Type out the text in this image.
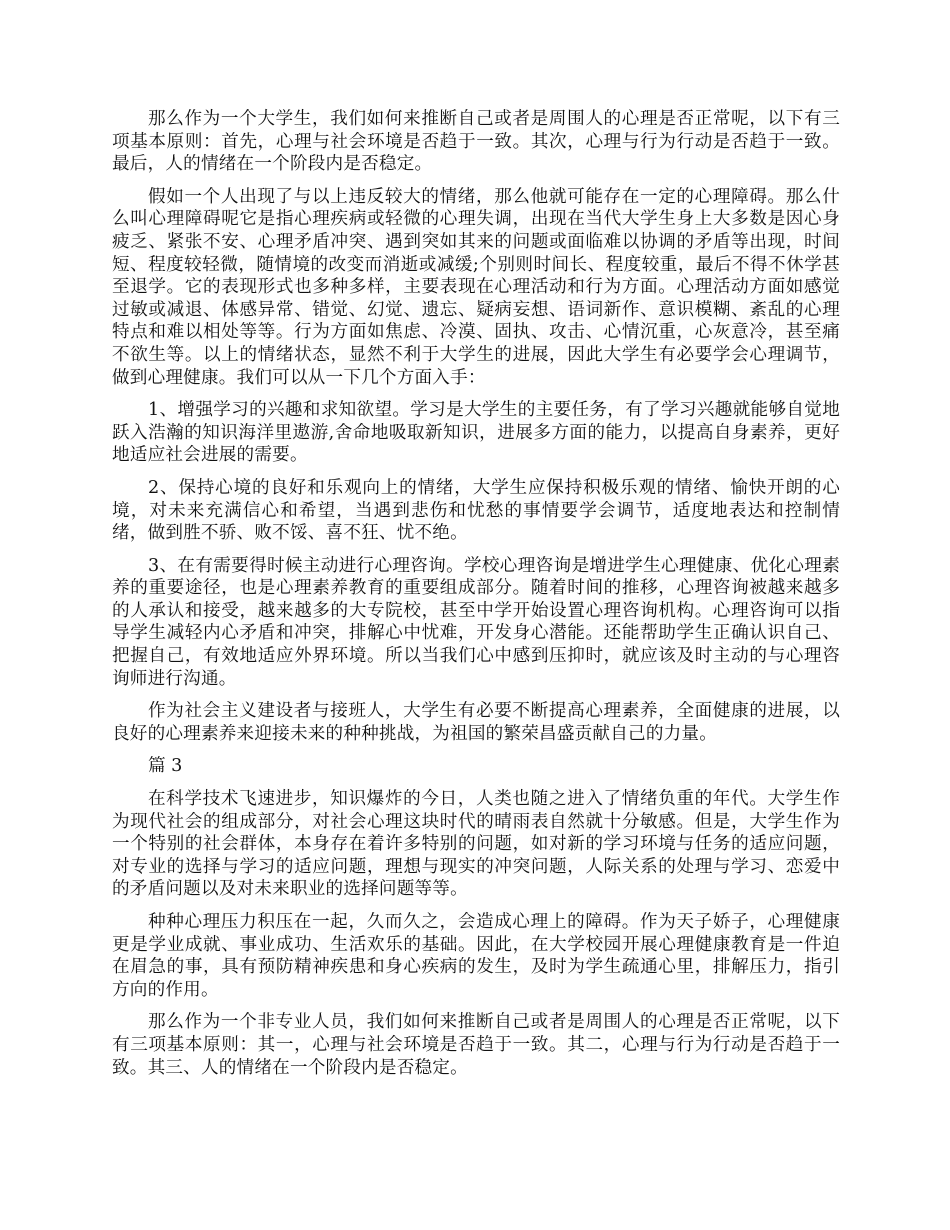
那么作为一个大学生，我们如何来推断自己或者是周围人的心理是否正常呢，以下有三项基本原则：首先，心理与社会环境是否趋于一致。其次，心理与行为行动是否趋于一致。最后，人的情绪在一个阶段内是否稳定。

假如一个人出现了与以上违反较大的情绪，那么他就可能存在一定的心理障碍。那么什么叫心理障碍呢它是指心理疾病或轻微的心理失调，出现在当代大学生身上大多数是因心身疲乏、紧张不安、心理矛盾冲突、遇到突如其来的问题或面临难以协调的矛盾等出现，时间短、程度较轻微，随情境的改变而消逝或减缓;个别则时间长、程度较重，最后不得不休学甚至退学。它的表现形式也多种多样，主要表现在心理活动和行为方面。心理活动方面如感觉过敏或减退、体感异常、错觉、幻觉、遗忘、疑病妄想、语词新作、意识模糊、紊乱的心理特点和难以相处等等。行为方面如焦虑、冷漠、固执、攻击、心情沉重，心灰意冷，甚至痛不欲生等。以上的情绪状态，显然不利于大学生的进展，因此大学生有必要学会心理调节，做到心理健康。我们可以从一下几个方面入手：

1、增强学习的兴趣和求知欲望。学习是大学生的主要任务，有了学习兴趣就能够自觉地跃入浩瀚的知识海洋里遨游,舍命地吸取新知识，进展多方面的能力，以提高自身素养，更好地适应社会进展的需要。

2、保持心境的良好和乐观向上的情绪，大学生应保持积极乐观的情绪、愉快开朗的心境，对未来充满信心和希望，当遇到悲伤和忧愁的事情要学会调节，适度地表达和控制情绪，做到胜不骄、败不馁、喜不狂、忧不绝。

3、在有需要得时候主动进行心理咨询。学校心理咨询是增进学生心理健康、优化心理素养的重要途径，也是心理素养教育的重要组成部分。随着时间的推移，心理咨询被越来越多的人承认和接受，越来越多的大专院校，甚至中学开始设置心理咨询机构。心理咨询可以指导学生减轻内心矛盾和冲突，排解心中忧难，开发身心潜能。还能帮助学生正确认识自己、把握自己，有效地适应外界环境。所以当我们心中感到压抑时，就应该及时主动的与心理咨询师进行沟通。

作为社会主义建设者与接班人，大学生有必要不断提高心理素养，全面健康的进展，以良好的心理素养来迎接未来的种种挑战，为祖国的繁荣昌盛贡献自己的力量。

篇 3

在科学技术飞速进步，知识爆炸的今日，人类也随之进入了情绪负重的年代。大学生作为现代社会的组成部分，对社会心理这块时代的晴雨表自然就十分敏感。但是，大学生作为一个特别的社会群体，本身存在着许多特别的问题，如对新的学习环境与任务的适应问题，对专业的选择与学习的适应问题，理想与现实的冲突问题，人际关系的处理与学习、恋爱中的矛盾问题以及对未来职业的选择问题等等。

种种心理压力积压在一起，久而久之，会造成心理上的障碍。作为天子娇子，心理健康更是学业成就、事业成功、生活欢乐的基础。因此，在大学校园开展心理健康教育是一件迫在眉急的事，具有预防精神疾患和身心疾病的发生，及时为学生疏通心里，排解压力，指引方向的作用。

那么作为一个非专业人员，我们如何来推断自己或者是周围人的心理是否正常呢，以下有三项基本原则：其一，心理与社会环境是否趋于一致。其二，心理与行为行动是否趋于一致。其三、人的情绪在一个阶段内是否稳定。
